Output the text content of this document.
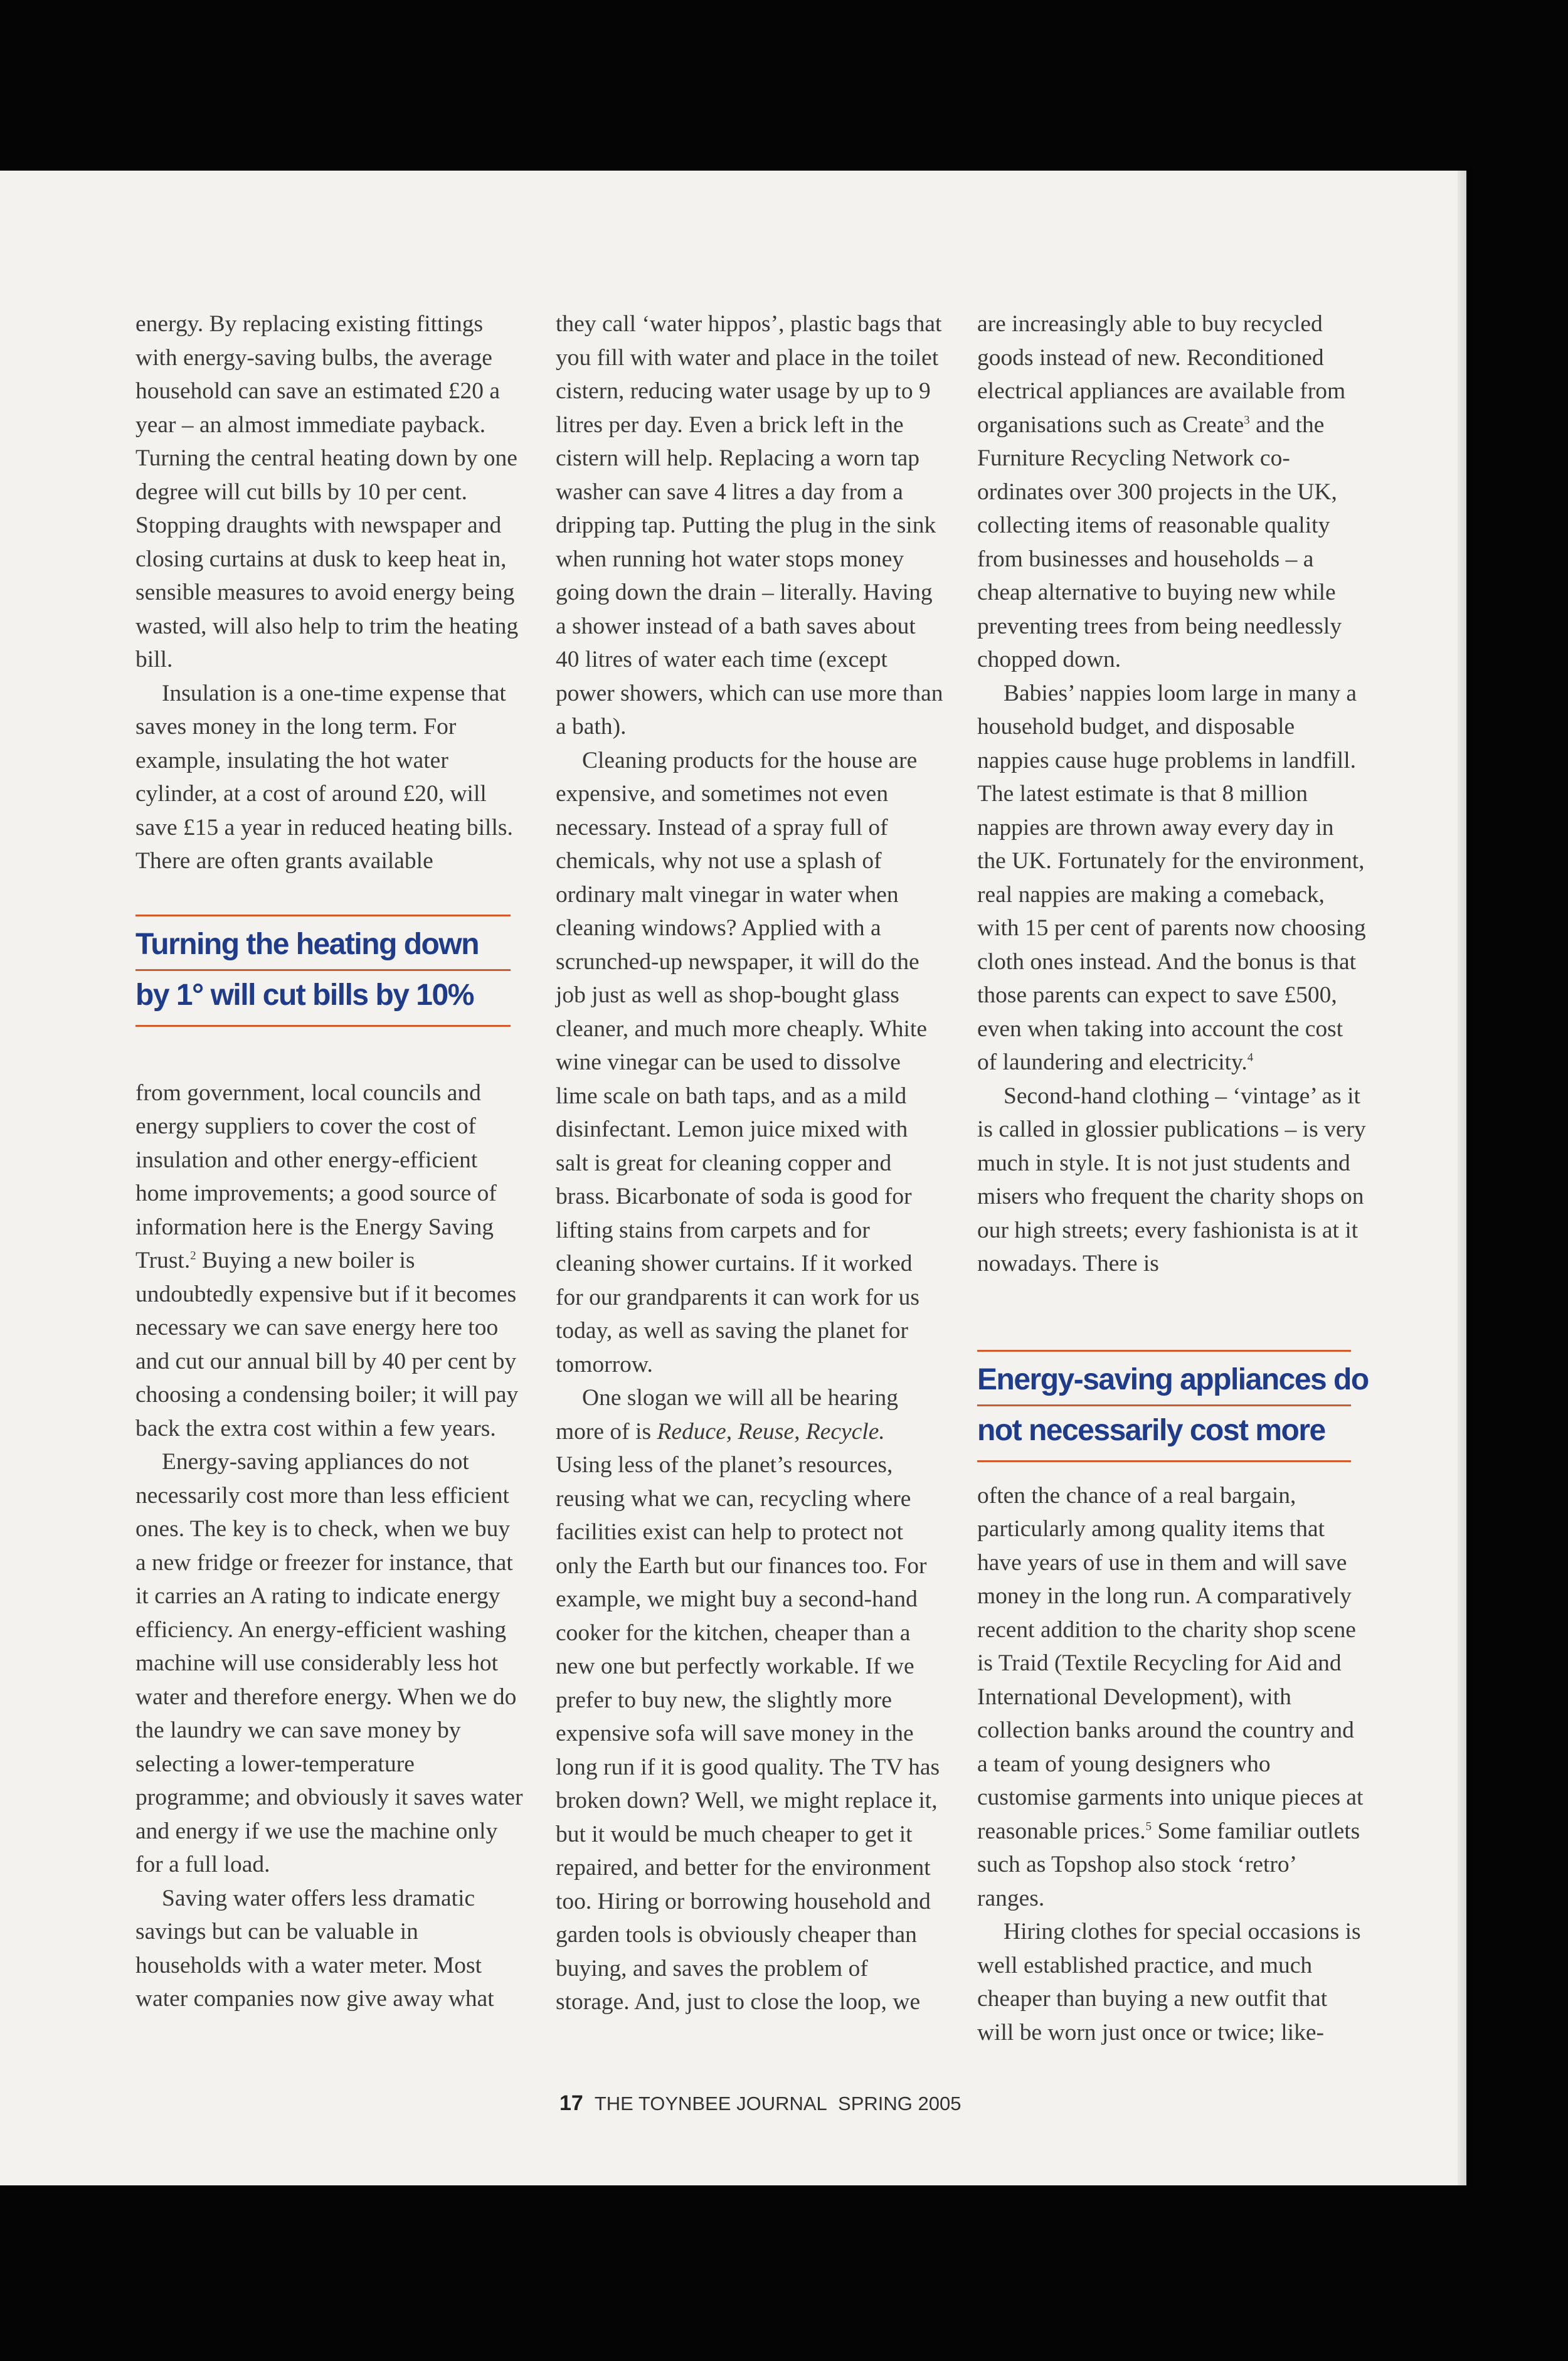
energy. By replacing existing fittings with energy-saving bulbs, the average household can save an estimated £20 a year – an almost immediate payback. Turning the central heating down by one degree will cut bills by 10 per cent. Stopping draughts with newspaper and closing curtains at dusk to keep heat in, sensible measures to avoid energy being wasted, will also help to trim the heating bill.

Insulation is a one-time expense that saves money in the long term. For example, insulating the hot water cylinder, at a cost of around £20, will save £15 a year in reduced heating bills. There are often grants available

from government, local councils and energy suppliers to cover the cost of insulation and other energy-efficient home improvements; a good source of information here is the Energy Saving Trust.$^2$ Buying a new boiler is undoubtedly expensive but if it becomes necessary we can save energy here too and cut our annual bill by 40 per cent by choosing a condensing boiler; it will pay back the extra cost within a few years.

Energy-saving appliances do not necessarily cost more than less efficient ones. The key is to check, when we buy a new fridge or freezer for instance, that it carries an A rating to indicate energy efficiency. An energy-efficient washing machine will use considerably less hot water and therefore energy. When we do the laundry we can save money by selecting a lower-temperature programme; and obviously it saves water and energy if we use the machine only for a full load.

Saving water offers less dramatic savings but can be valuable in households with a water meter. Most water companies now give away what

they call ‘water hippos’, plastic bags that you fill with water and place in the toilet cistern, reducing water usage by up to 9 litres per day. Even a brick left in the cistern will help. Replacing a worn tap washer can save 4 litres a day from a dripping tap. Putting the plug in the sink when running hot water stops money going down the drain – literally. Having a shower instead of a bath saves about 40 litres of water each time (except power showers, which can use more than a bath).

Cleaning products for the house are expensive, and sometimes not even necessary. Instead of a spray full of chemicals, why not use a splash of ordinary malt vinegar in water when cleaning windows? Applied with a scrunched-up newspaper, it will do the job just as well as shop-bought glass cleaner, and much more cheaply. White wine vinegar can be used to dissolve lime scale on bath taps, and as a mild disinfectant. Lemon juice mixed with salt is great for cleaning copper and brass. Bicarbonate of soda is good for lifting stains from carpets and for cleaning shower curtains. If it worked for our grandparents it can work for us today, as well as saving the planet for tomorrow.

One slogan we will all be hearing more of is Reduce, Reuse, Recycle. Using less of the planet’s resources, reusing what we can, recycling where facilities exist can help to protect not only the Earth but our finances too. For example, we might buy a second-hand cooker for the kitchen, cheaper than a new one but perfectly workable. If we prefer to buy new, the slightly more expensive sofa will save money in the long run if it is good quality. The TV has broken down? Well, we might replace it, but it would be much cheaper to get it repaired, and better for the environment too. Hiring or borrowing household and garden tools is obviously cheaper than buying, and saves the problem of storage. And, just to close the loop, we

are increasingly able to buy recycled goods instead of new. Reconditioned electrical appliances are available from organisations such as Create$^3$ and the Furniture Recycling Network co-ordinates over 300 projects in the UK, collecting items of reasonable quality from businesses and households – a cheap alternative to buying new while preventing trees from being needlessly chopped down.

Babies’ nappies loom large in many a household budget, and disposable nappies cause huge problems in landfill. The latest estimate is that 8 million nappies are thrown away every day in the UK. Fortunately for the environment, real nappies are making a comeback, with 15 per cent of parents now choosing cloth ones instead. And the bonus is that those parents can expect to save £500, even when taking into account the cost of laundering and electricity.$^4$

Second-hand clothing – ‘vintage’ as it is called in glossier publications – is very much in style. It is not just students and misers who frequent the charity shops on our high streets; every fashionista is at it nowadays. There is

often the chance of a real bargain, particularly among quality items that have years of use in them and will save money in the long run. A comparatively recent addition to the charity shop scene is Traid (Textile Recycling for Aid and International Development), with collection banks around the country and a team of young designers who customise garments into unique pieces at reasonable prices.$^5$ Some familiar outlets such as Topshop also stock ‘retro’ ranges.

Hiring clothes for special occasions is well established practice, and much cheaper than buying a new outfit that will be worn just once or twice; like-

Turning the heating down
by 1° will cut bills by 10%
Energy-saving appliances do
not necessarily cost more
17 THE TOYNBEE JOURNAL SPRING 2005
